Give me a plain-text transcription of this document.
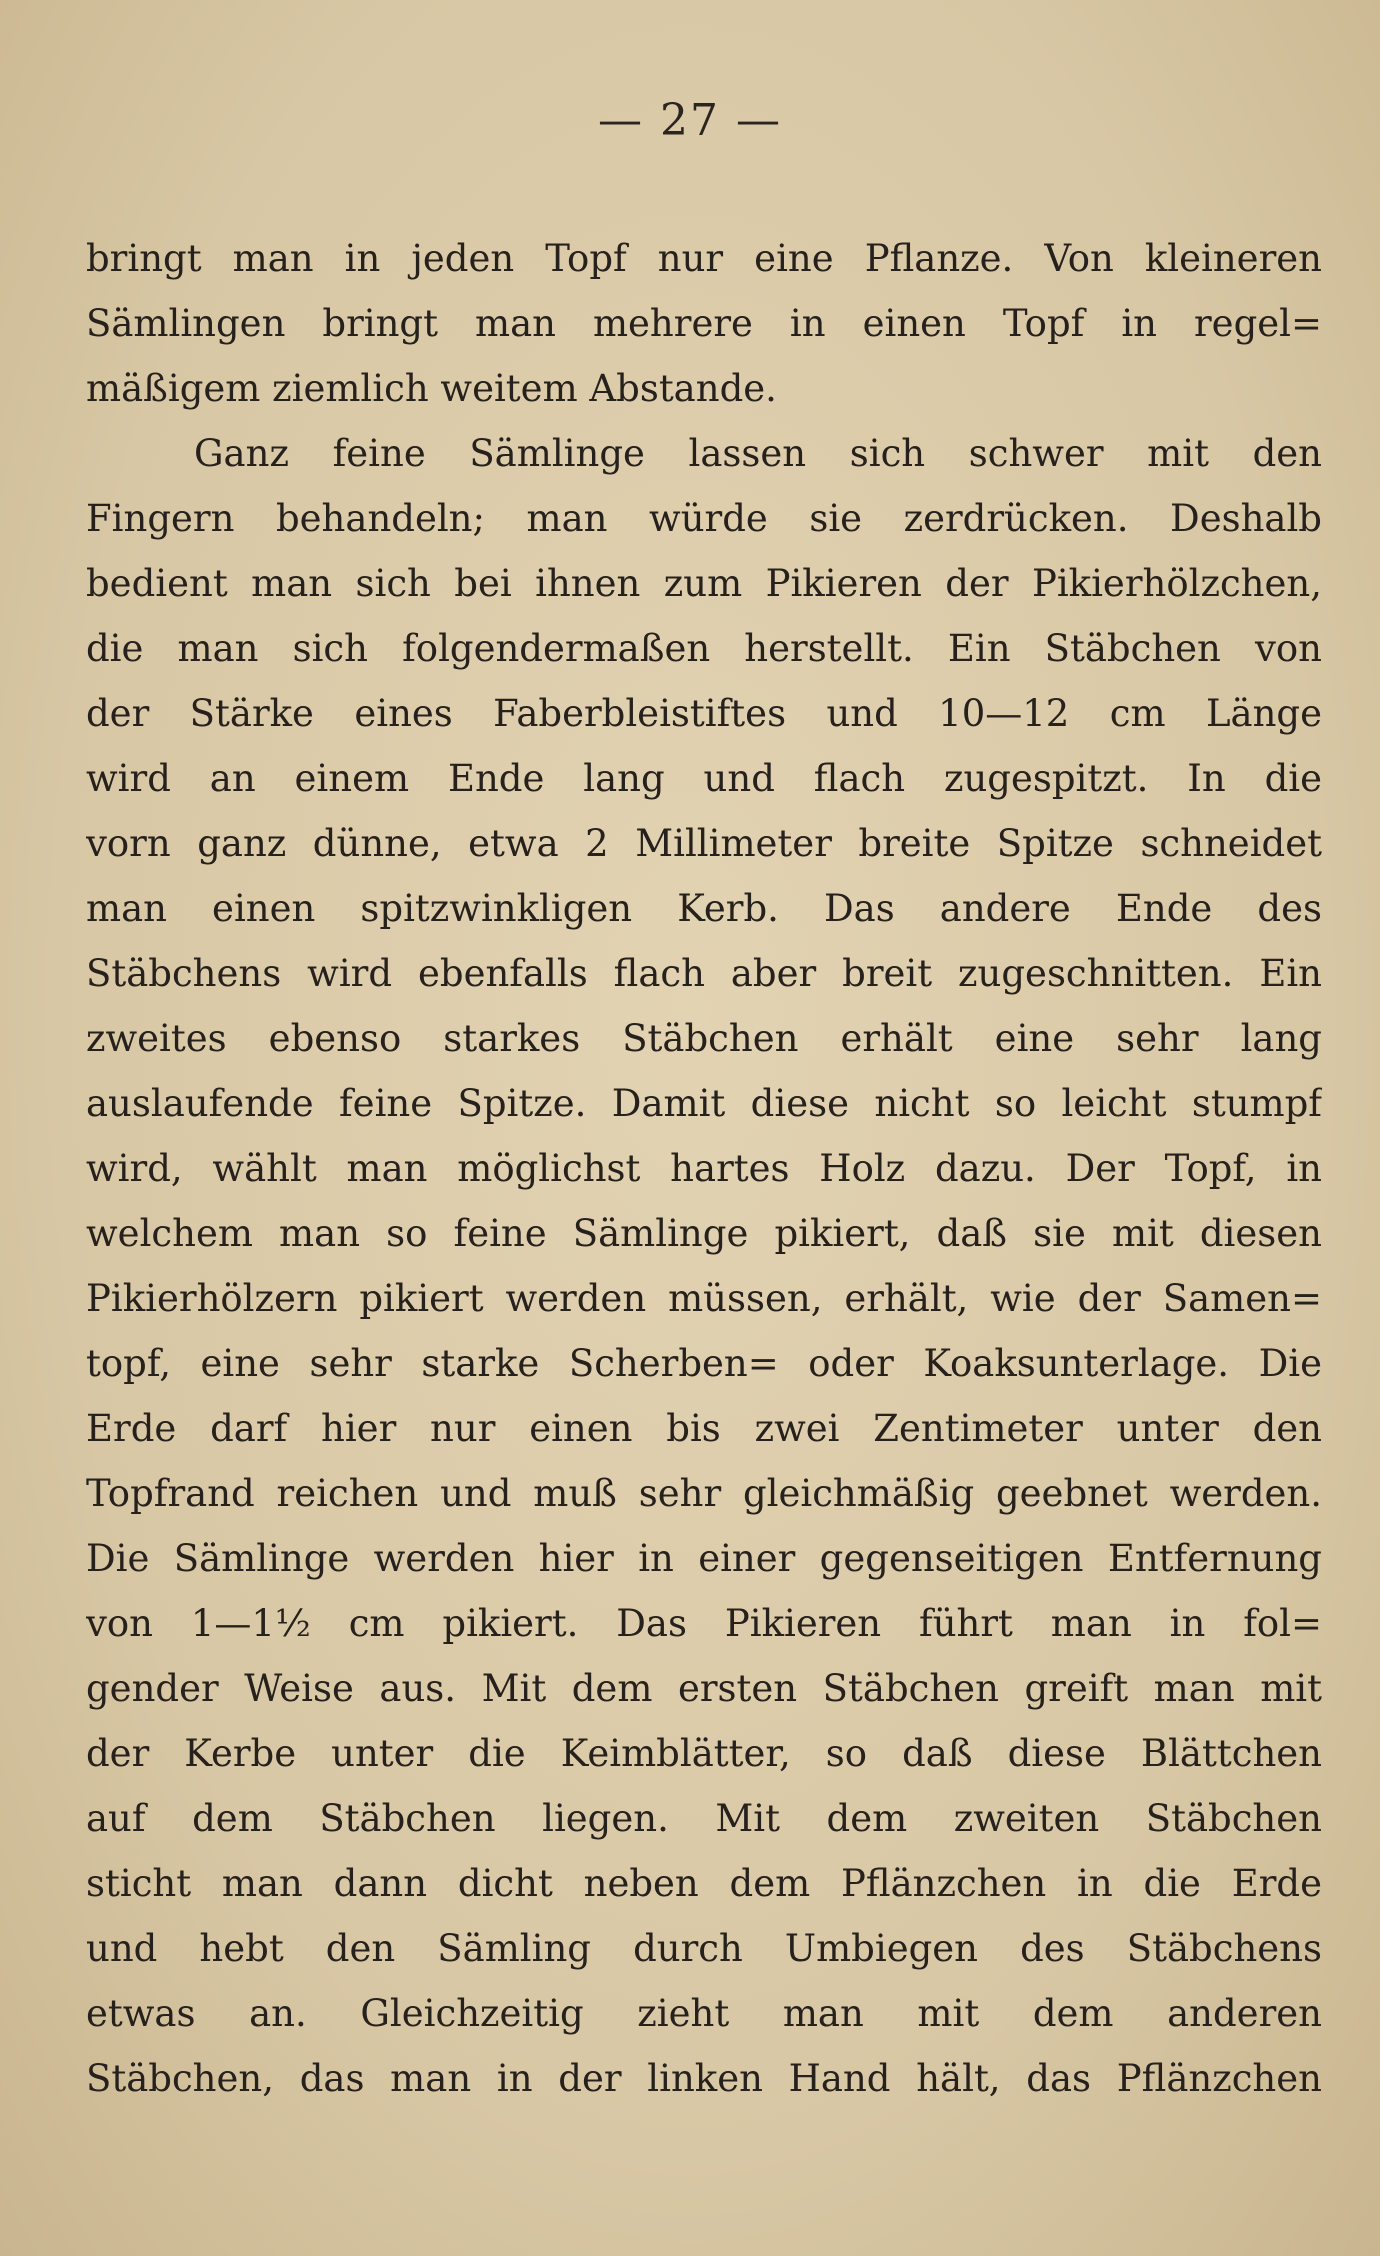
— 27 —
bringt man in jeden Topf nur eine Pflanze. Von kleineren
Sämlingen bringt man mehrere in einen Topf in regel=
mäßigem ziemlich weitem Abstande.
Ganz feine Sämlinge lassen sich schwer mit den
Fingern behandeln; man würde sie zerdrücken. Deshalb
bedient man sich bei ihnen zum Pikieren der Pikierhölzchen,
die man sich folgendermaßen herstellt. Ein Stäbchen von
der Stärke eines Faberbleistiftes und 10—12 cm Länge
wird an einem Ende lang und flach zugespitzt. In die
vorn ganz dünne, etwa 2 Millimeter breite Spitze schneidet
man einen spitzwinkligen Kerb. Das andere Ende des
Stäbchens wird ebenfalls flach aber breit zugeschnitten. Ein
zweites ebenso starkes Stäbchen erhält eine sehr lang
auslaufende feine Spitze. Damit diese nicht so leicht stumpf
wird, wählt man möglichst hartes Holz dazu. Der Topf, in
welchem man so feine Sämlinge pikiert, daß sie mit diesen
Pikierhölzern pikiert werden müssen, erhält, wie der Samen=
topf, eine sehr starke Scherben= oder Koaksunterlage. Die
Erde darf hier nur einen bis zwei Zentimeter unter den
Topfrand reichen und muß sehr gleichmäßig geebnet werden.
Die Sämlinge werden hier in einer gegenseitigen Entfernung
von 1—1½ cm pikiert. Das Pikieren führt man in fol=
gender Weise aus. Mit dem ersten Stäbchen greift man mit
der Kerbe unter die Keimblätter, so daß diese Blättchen
auf dem Stäbchen liegen. Mit dem zweiten Stäbchen
sticht man dann dicht neben dem Pflänzchen in die Erde
und hebt den Sämling durch Umbiegen des Stäbchens
etwas an. Gleichzeitig zieht man mit dem anderen
Stäbchen, das man in der linken Hand hält, das Pflänzchen
